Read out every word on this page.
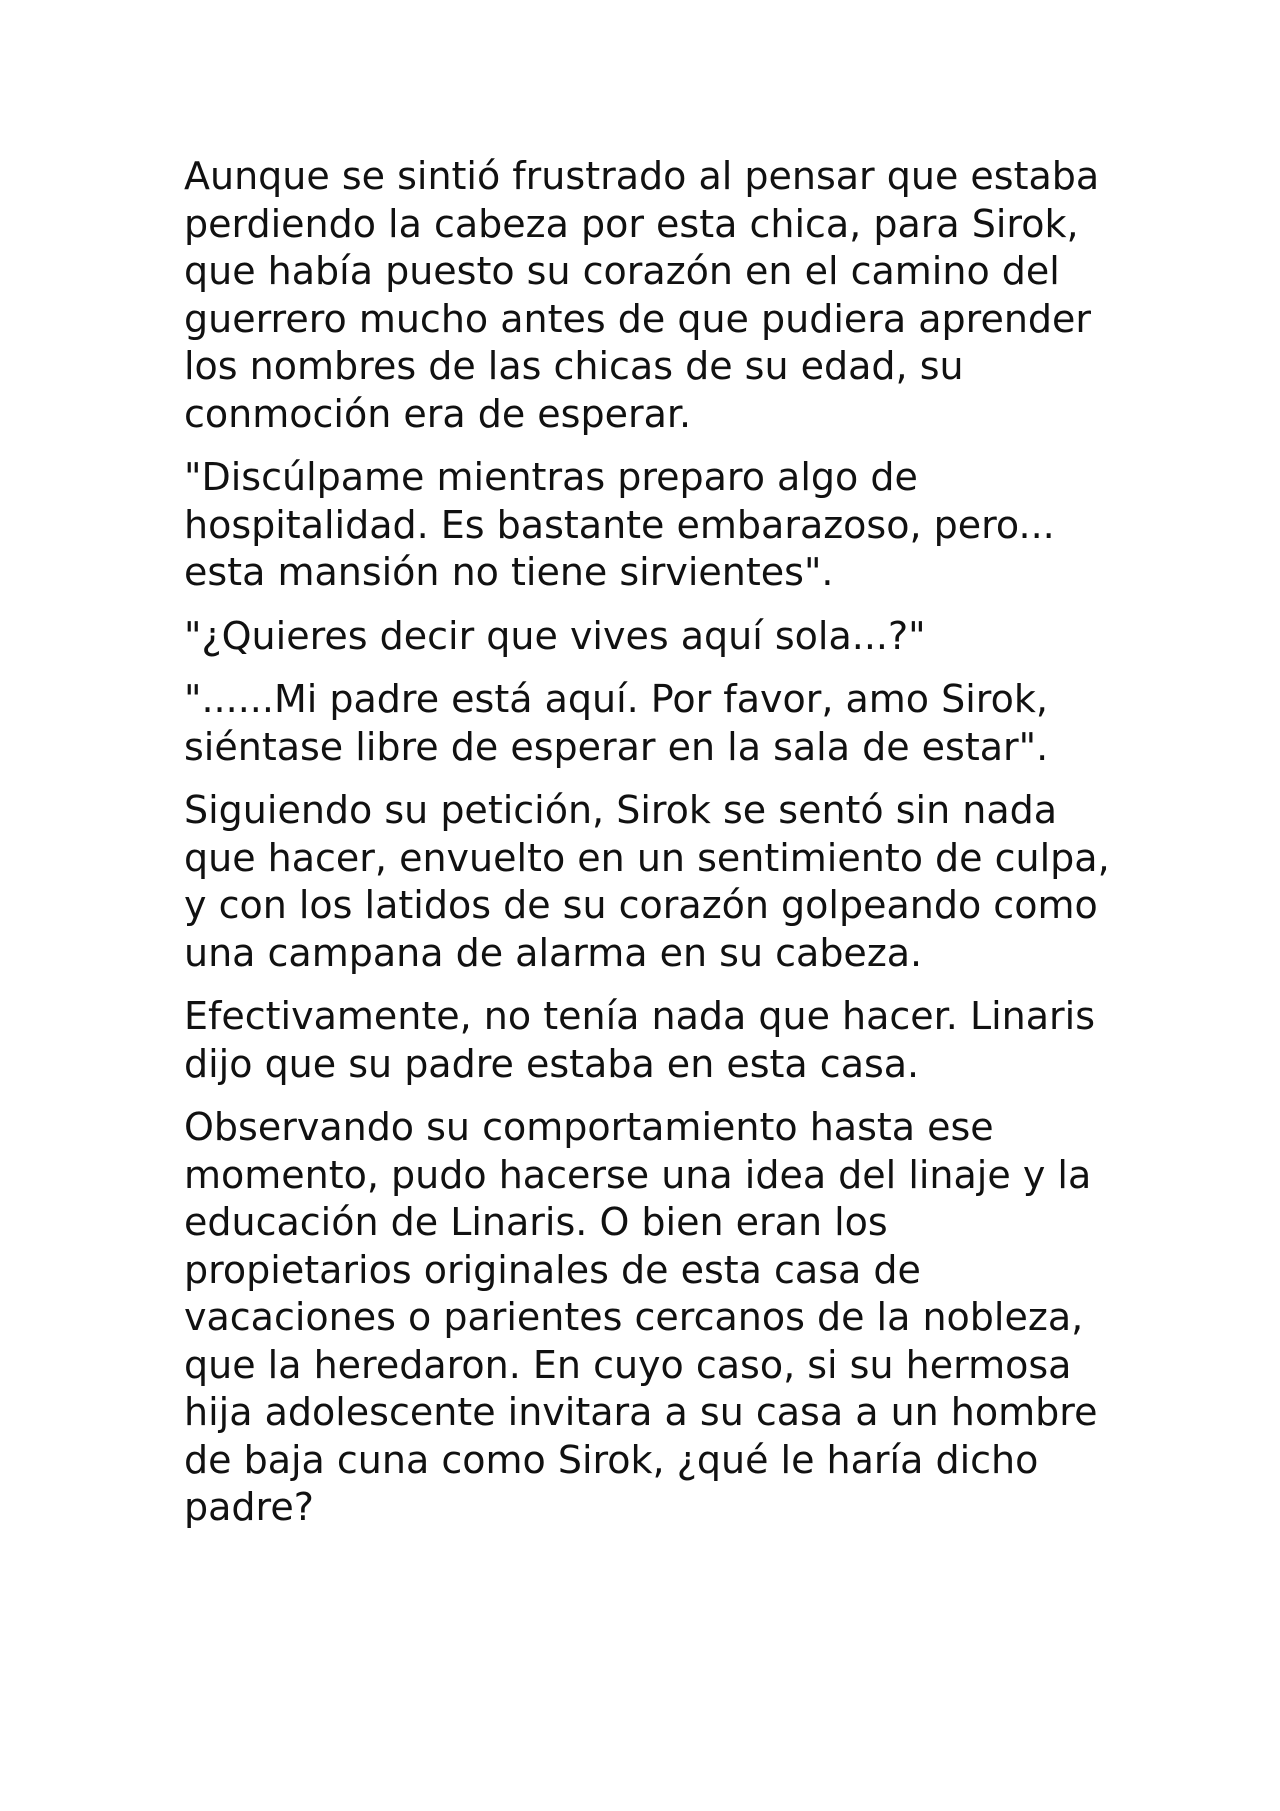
Aunque se sintió frustrado al pensar que estaba perdiendo la cabeza por esta chica, para Sirok, que había puesto su corazón en el camino del guerrero mucho antes de que pudiera aprender los nombres de las chicas de su edad, su conmoción era de esperar.

"Discúlpame mientras preparo algo de hospitalidad. Es bastante embarazoso, pero... esta mansión no tiene sirvientes".

"¿Quieres decir que vives aquí sola...?"

"......Mi padre está aquí. Por favor, amo Sirok, siéntase libre de esperar en la sala de estar".

Siguiendo su petición, Sirok se sentó sin nada que hacer, envuelto en un sentimiento de culpa, y con los latidos de su corazón golpeando como una campana de alarma en su cabeza.

Efectivamente, no tenía nada que hacer. Linaris dijo que su padre estaba en esta casa.

Observando su comportamiento hasta ese momento, pudo hacerse una idea del linaje y la educación de Linaris. O bien eran los propietarios originales de esta casa de vacaciones o parientes cercanos de la nobleza, que la heredaron. En cuyo caso, si su hermosa hija adolescente invitara a su casa a un hombre de baja cuna como Sirok, ¿qué le haría dicho padre?
